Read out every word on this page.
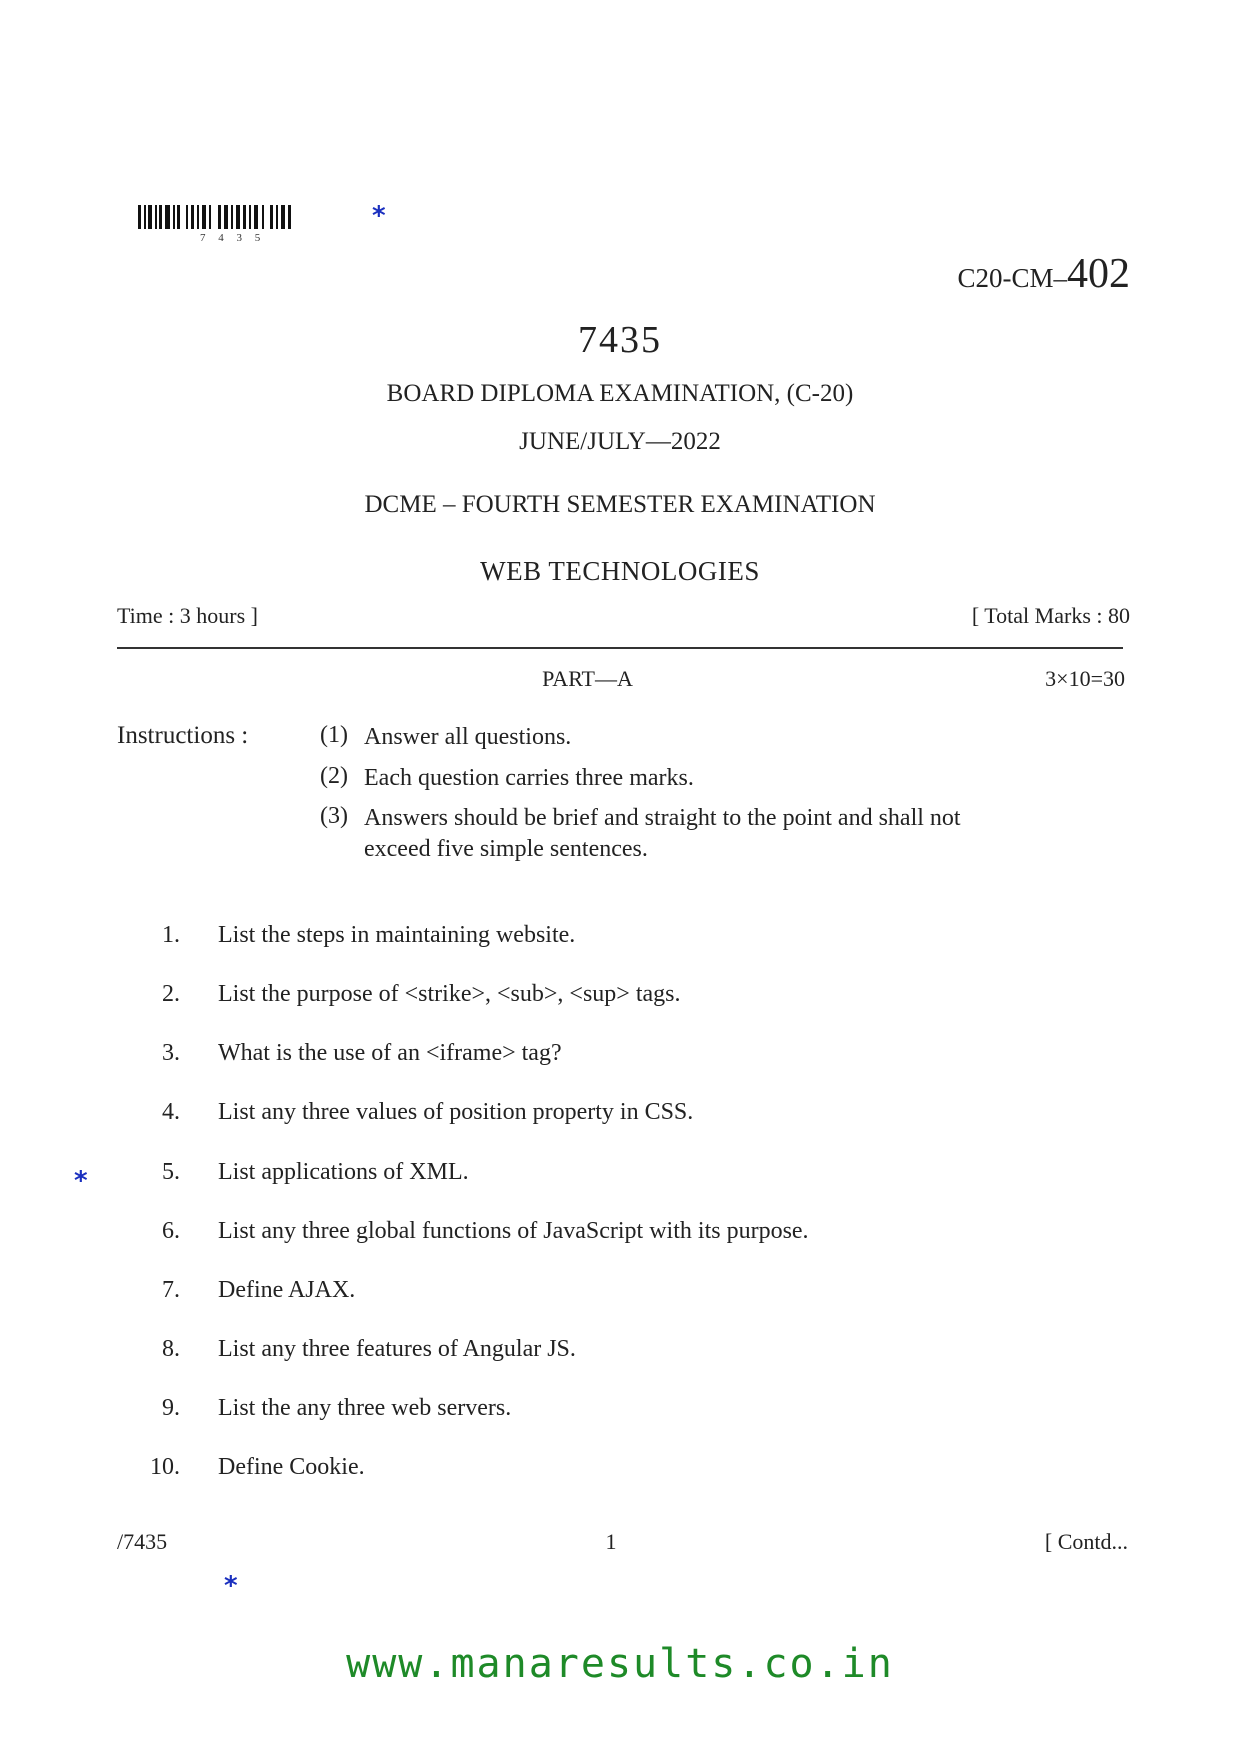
7 4 3 5
*
C20-CM–402
7435
BOARD DIPLOMA EXAMINATION, (C-20)
JUNE/JULY—2022
DCME – FOURTH SEMESTER EXAMINATION
WEB TECHNOLOGIES
Time : 3 hours ]	[ Total Marks : 80
PART—A	3×10=30
Instructions :	(1) Answer all questions.
(2) Each question carries three marks.
(3) Answers should be brief and straight to the point and shall not exceed five simple sentences.
1. List the steps in maintaining website.
2. List the purpose of <strike>, <sub>, <sup> tags.
3. What is the use of an <iframe> tag?
4. List any three values of position property in CSS.
5. List applications of XML.
6. List any three global functions of JavaScript with its purpose.
7. Define AJAX.
8. List any three features of Angular JS.
9. List the any three web servers.
10. Define Cookie.
*
/7435	1	[ Contd...
*
www.manaresults.co.in
